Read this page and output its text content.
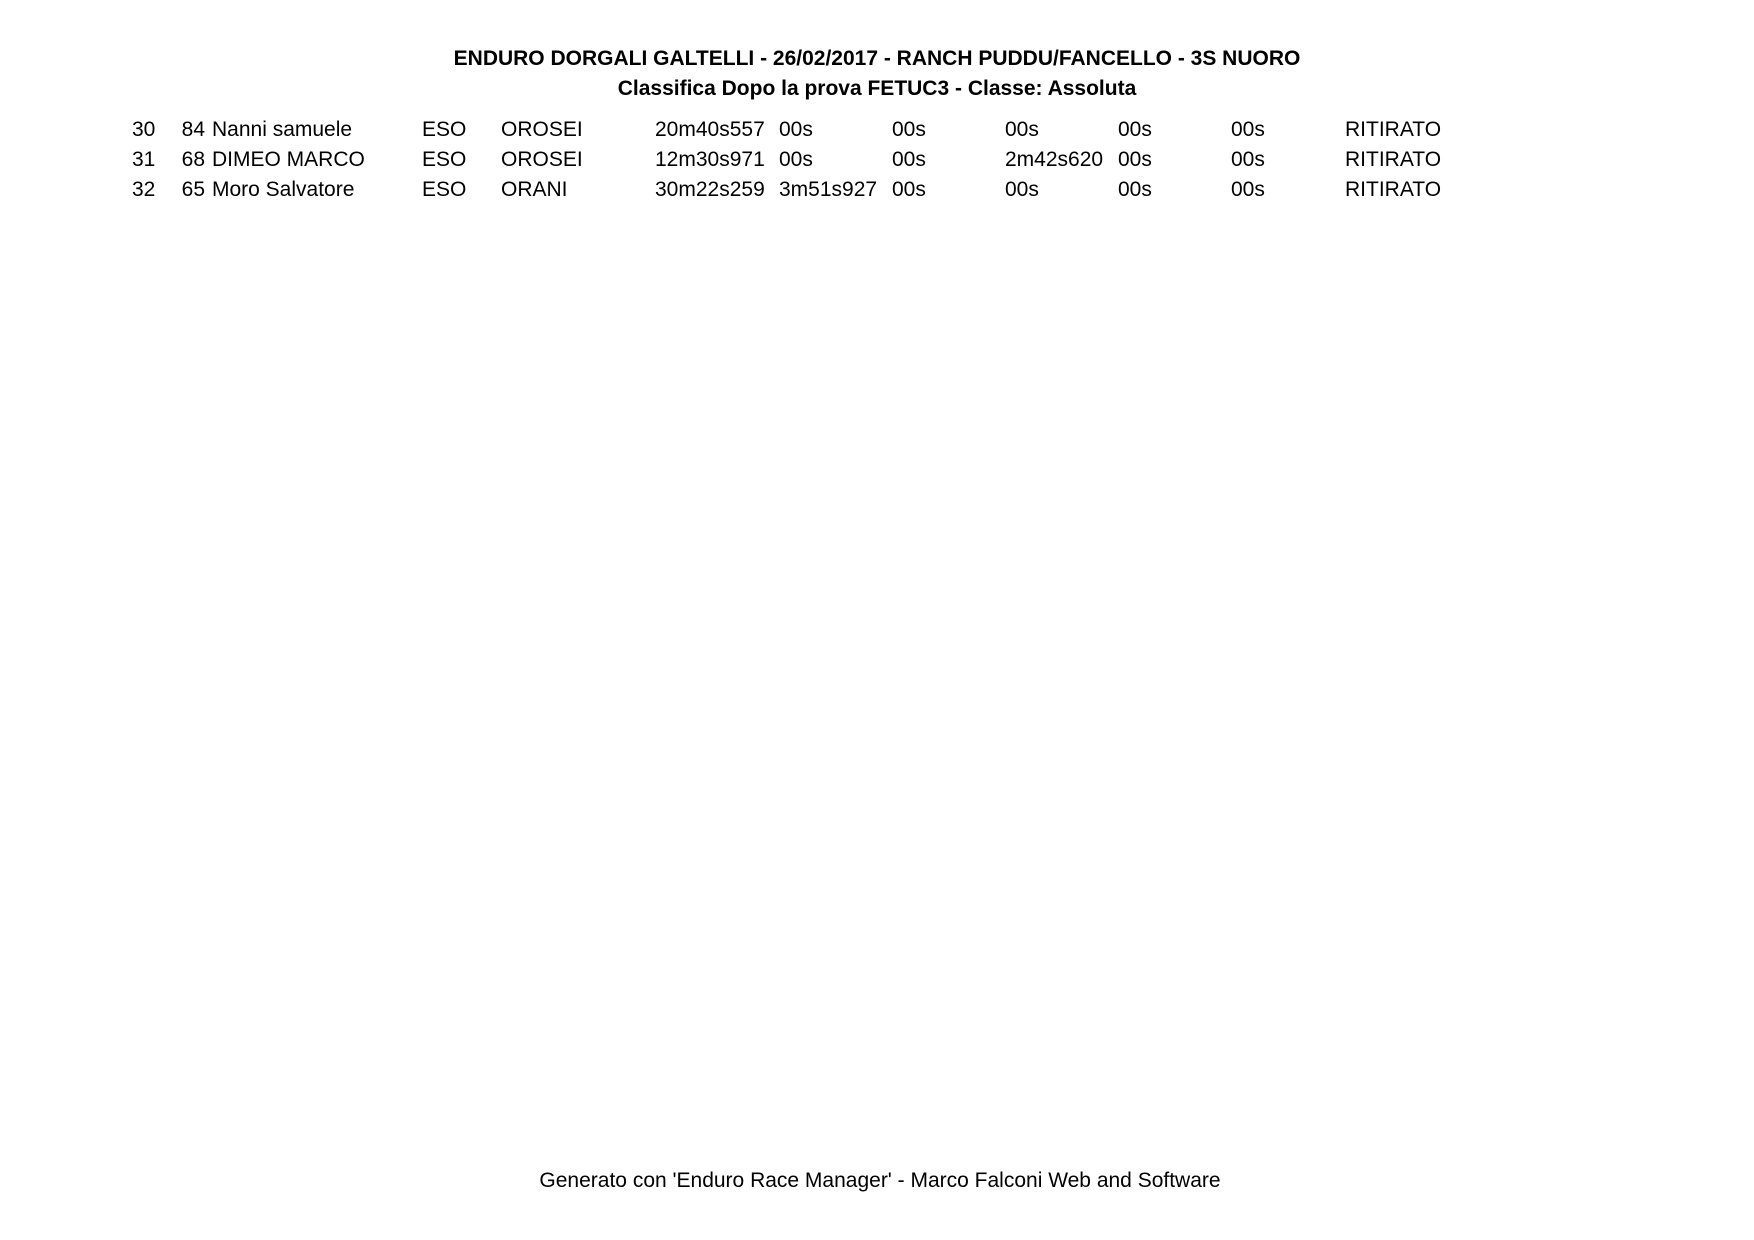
ENDURO DORGALI GALTELLI - 26/02/2017 - RANCH PUDDU/FANCELLO - 3S NUORO
Classifica Dopo la prova FETUC3 - Classe: Assoluta
30 84 Nanni samuele	ESO OROSEI	20m40s557 00s	00s	00s	00s	00s	RITIRATO
31 68 DIMEO MARCO	ESO OROSEI	12m30s971 00s	00s	2m42s620 00s	00s	RITIRATO
32 65 Moro Salvatore	ESO ORANI	30m22s259 3m51s927 00s	00s	00s	00s	RITIRATO
Generato con 'Enduro Race Manager' - Marco Falconi Web and Software
